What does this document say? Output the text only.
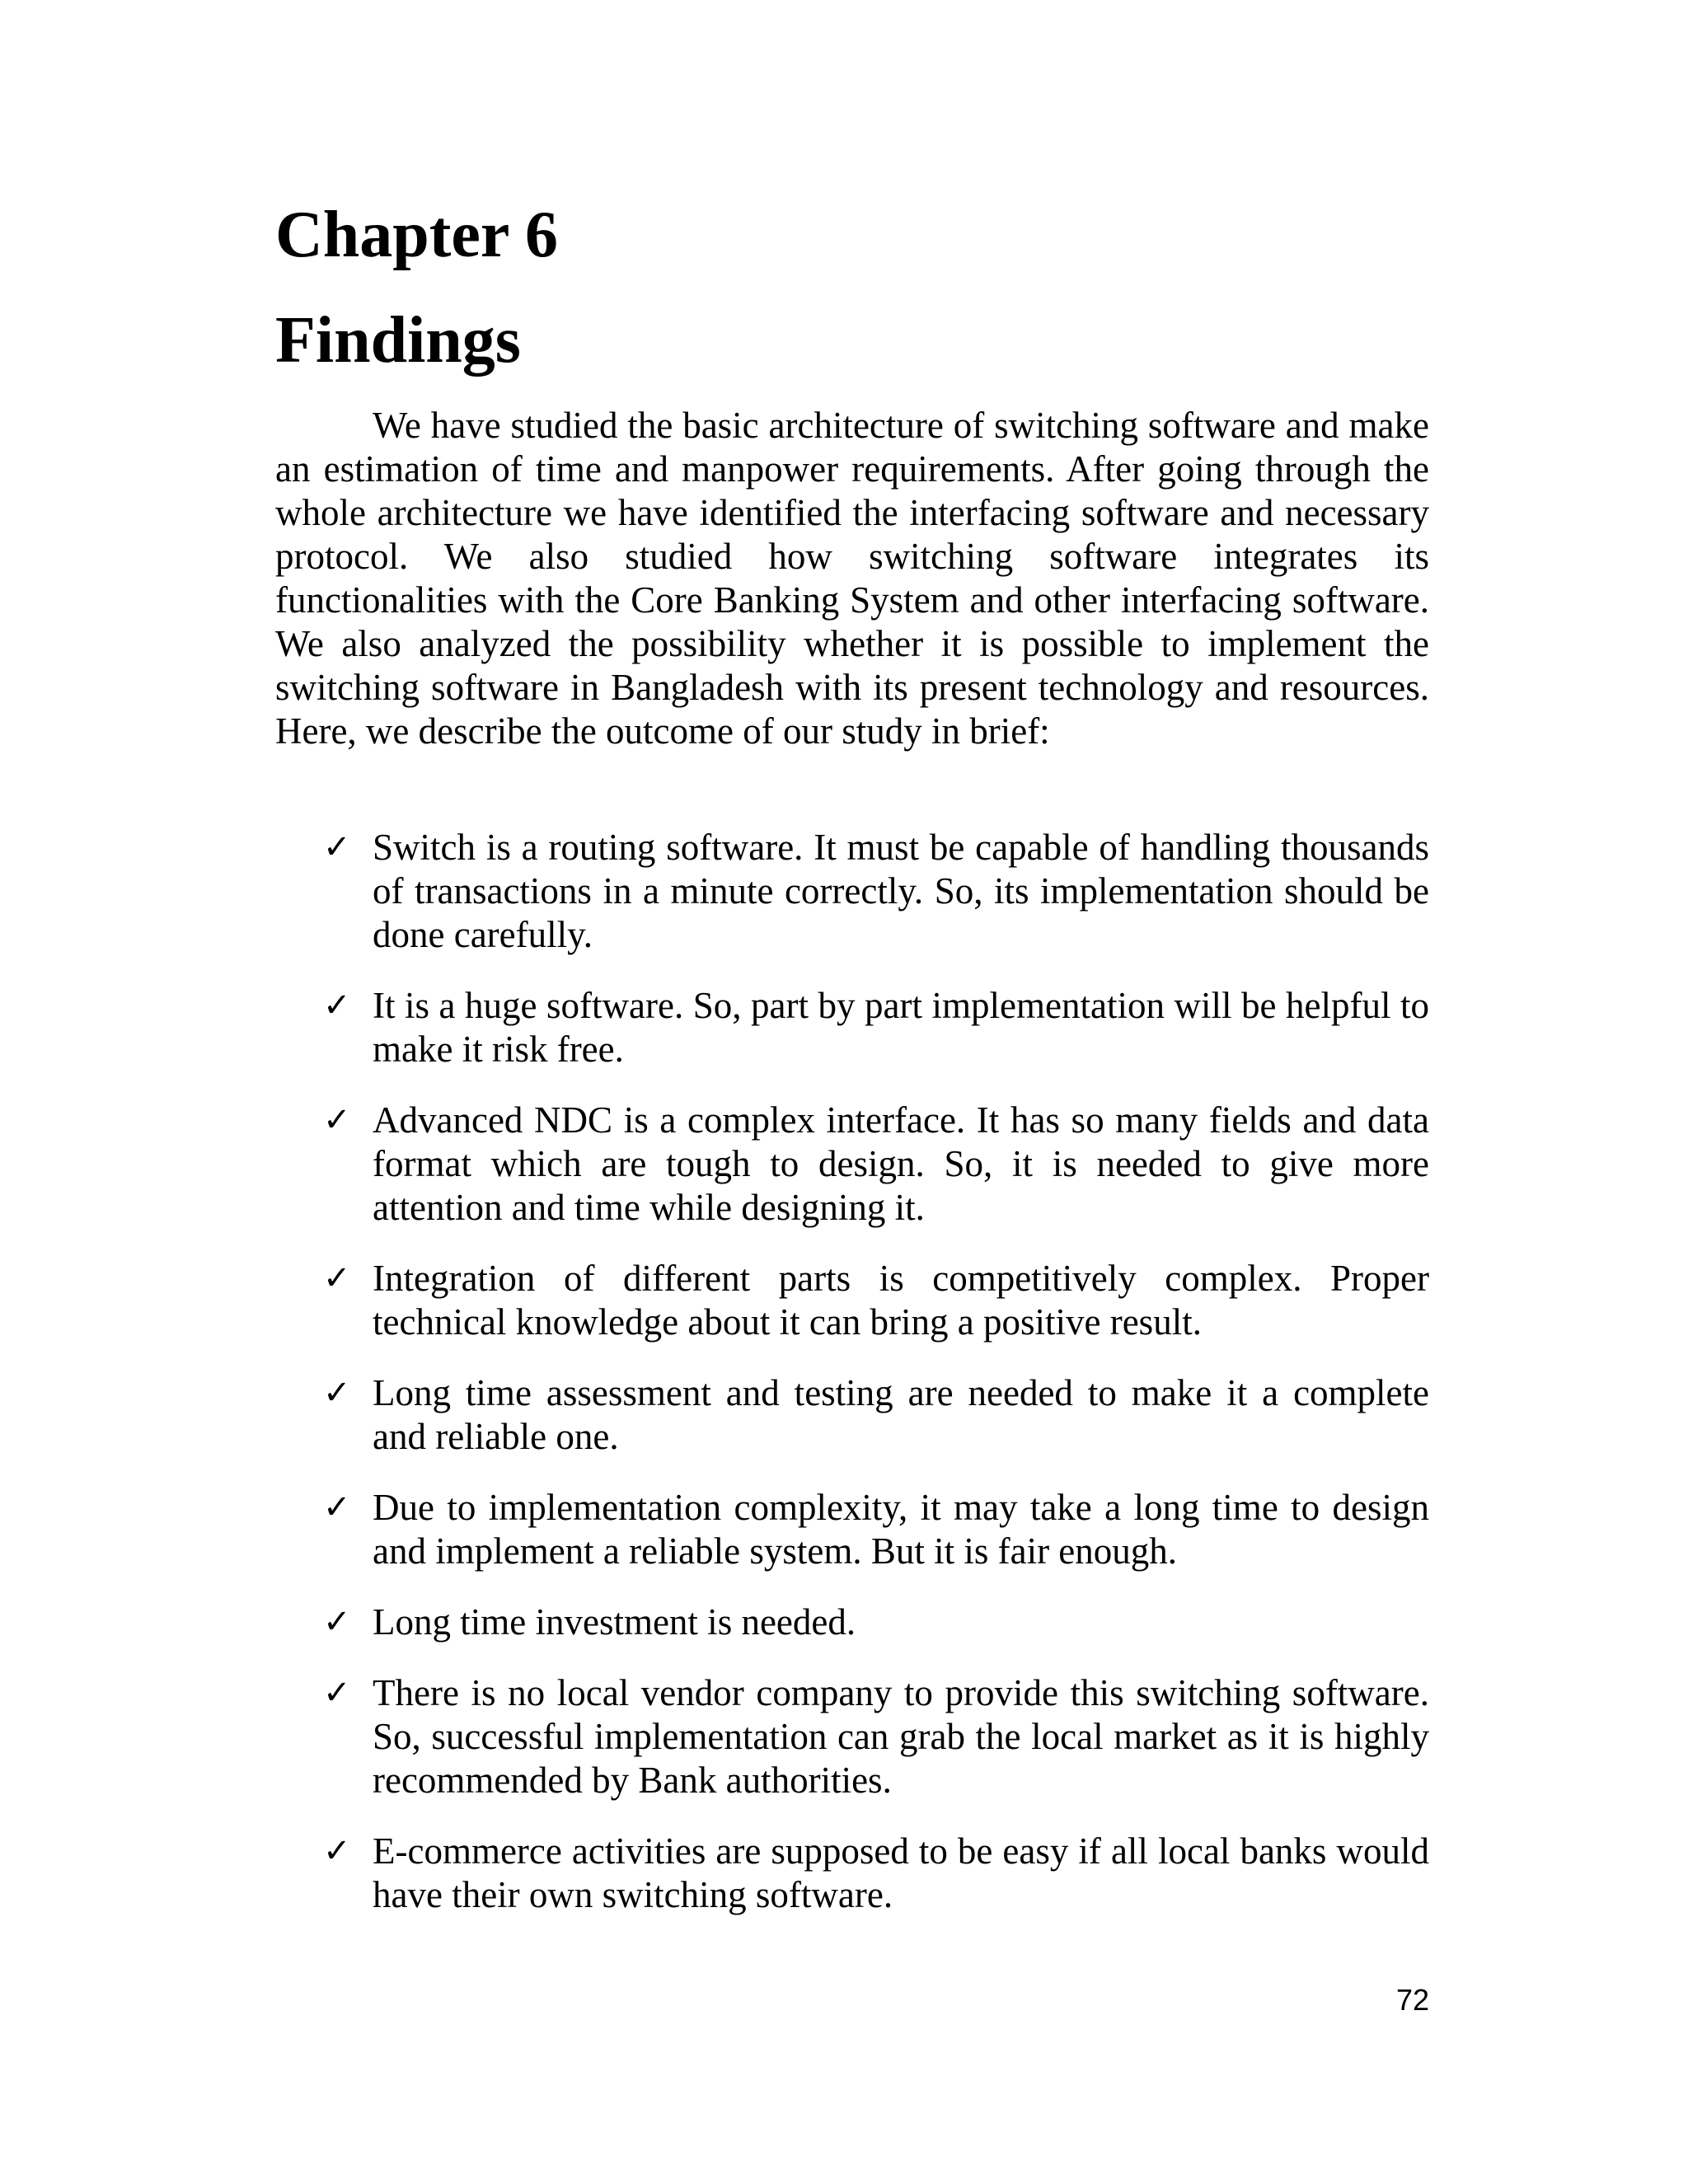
Chapter 6
Findings

We have studied the basic architecture of switching software and make an estimation of time and manpower requirements. After going through the whole architecture we have identified the interfacing software and necessary protocol. We also studied how switching software integrates its functionalities with the Core Banking System and other interfacing software. We also analyzed the possibility whether it is possible to implement the switching software in Bangladesh with its present technology and resources. Here, we describe the outcome of our study in brief:

✓ Switch is a routing software. It must be capable of handling thousands of transactions in a minute correctly. So, its implementation should be done carefully.
✓ It is a huge software. So, part by part implementation will be helpful to make it risk free.
✓ Advanced NDC is a complex interface. It has so many fields and data format which are tough to design. So, it is needed to give more attention and time while designing it.
✓ Integration of different parts is competitively complex. Proper technical knowledge about it can bring a positive result.
✓ Long time assessment and testing are needed to make it a complete and reliable one.
✓ Due to implementation complexity, it may take a long time to design and implement a reliable system. But it is fair enough.
✓ Long time investment is needed.
✓ There is no local vendor company to provide this switching software. So, successful implementation can grab the local market as it is highly recommended by Bank authorities.
✓ E-commerce activities are supposed to be easy if all local banks would have their own switching software.

72
